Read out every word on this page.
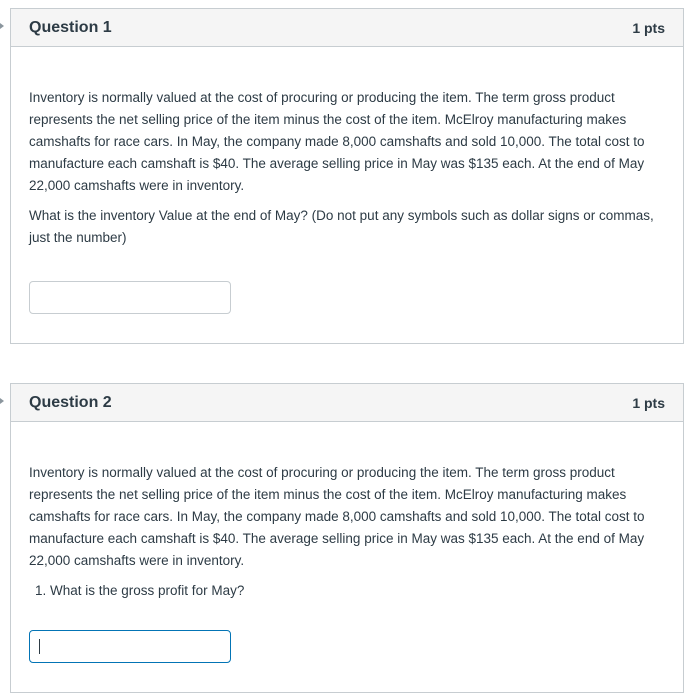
Question 1	1 pts

Inventory is normally valued at the cost of procuring or producing the item. The term gross product represents the net selling price of the item minus the cost of the item. McElroy manufacturing makes camshafts for race cars. In May, the company made 8,000 camshafts and sold 10,000. The total cost to manufacture each camshaft is $40. The average selling price in May was $135 each. At the end of May 22,000 camshafts were in inventory.

What is the inventory Value at the end of May? (Do not put any symbols such as dollar signs or commas, just the number)

Question 2	1 pts

Inventory is normally valued at the cost of procuring or producing the item. The term gross product represents the net selling price of the item minus the cost of the item. McElroy manufacturing makes camshafts for race cars. In May, the company made 8,000 camshafts and sold 10,000. The total cost to manufacture each camshaft is $40. The average selling price in May was $135 each. At the end of May 22,000 camshafts were in inventory.

1. What is the gross profit for May?
